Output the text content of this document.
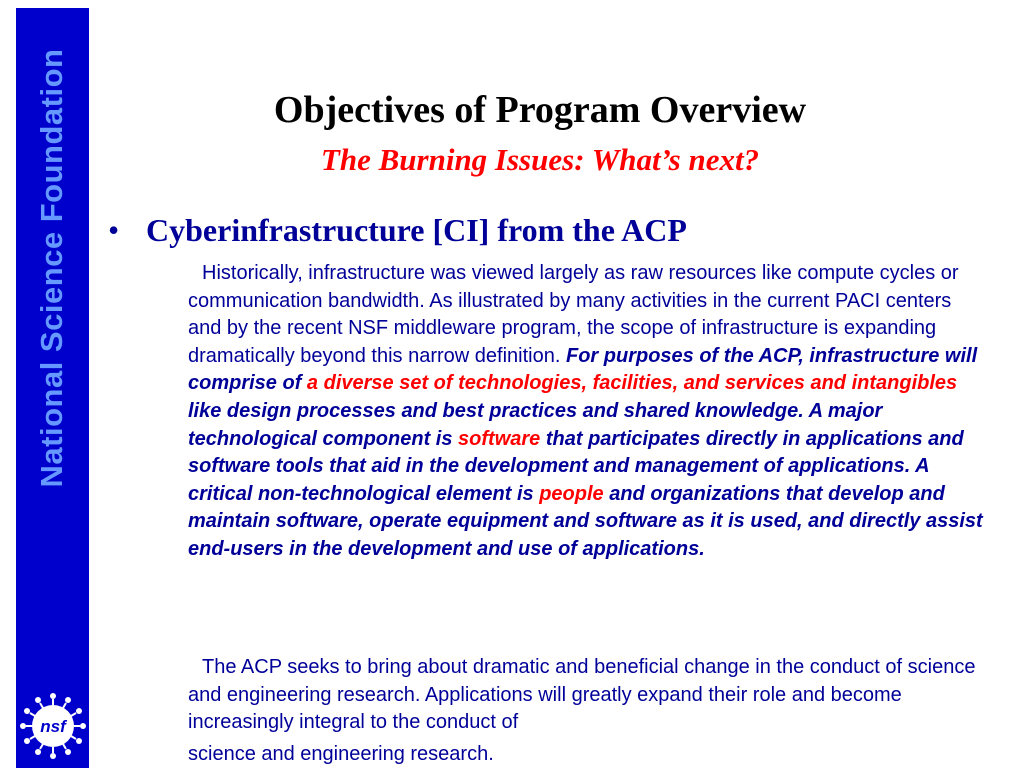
National Science Foundation
nsf
Objectives of Program Overview
The Burning Issues: What’s next?
• Cyberinfrastructure [CI] from the ACP

Historically, infrastructure was viewed largely as raw resources like compute cycles or communication bandwidth. As illustrated by many activities in the current PACI centers and by the recent NSF middleware program, the scope of infrastructure is expanding dramatically beyond this narrow definition. For purposes of the ACP, infrastructure will comprise of a diverse set of technologies, facilities, and services and intangibles like design processes and best practices and shared knowledge. A major technological component is software that participates directly in applications and software tools that aid in the development and management of applications. A critical non-technological element is people and organizations that develop and maintain software, operate equipment and software as it is used, and directly assist end-users in the development and use of applications.

The ACP seeks to bring about dramatic and beneficial change in the conduct of science and engineering research. Applications will greatly expand their role and become increasingly integral to the conduct of
science and engineering research.
